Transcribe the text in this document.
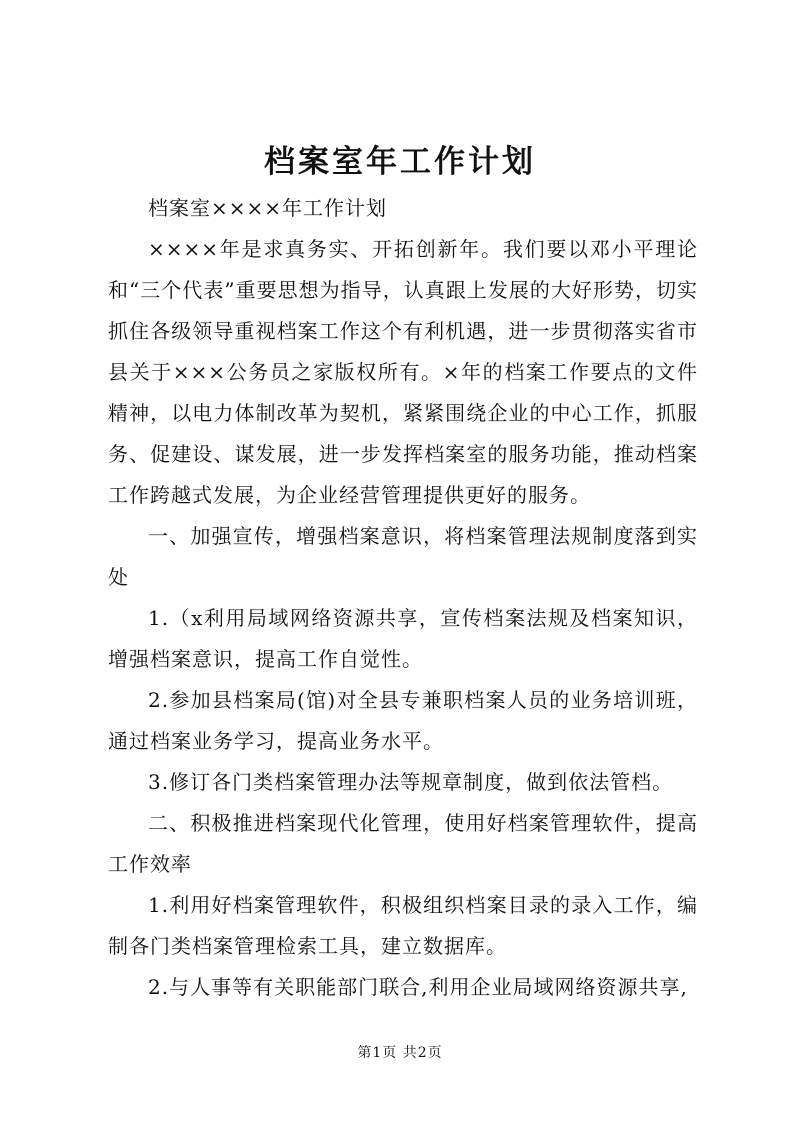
档案室年工作计划

档案室××××年工作计划

××××年是求真务实、开拓创新年。我们要以邓小平理论和“三个代表”重要思想为指导，认真跟上发展的大好形势，切实抓住各级领导重视档案工作这个有利机遇，进一步贯彻落实省市县关于×××公务员之家版权所有。×年的档案工作要点的文件精神，以电力体制改革为契机，紧紧围绕企业的中心工作，抓服务、促建设、谋发展，进一步发挥档案室的服务功能，推动档案工作跨越式发展，为企业经营管理提供更好的服务。

一、加强宣传，增强档案意识，将档案管理法规制度落到实处

1.（x利用局域网络资源共享，宣传档案法规及档案知识，增强档案意识，提高工作自觉性。

2.参加县档案局(馆)对全县专兼职档案人员的业务培训班，通过档案业务学习，提高业务水平。

3.修订各门类档案管理办法等规章制度，做到依法管档。

二、积极推进档案现代化管理，使用好档案管理软件，提高工作效率

1.利用好档案管理软件，积极组织档案目录的录入工作，编制各门类档案管理检索工具，建立数据库。

2.与人事等有关职能部门联合,利用企业局域网络资源共享,

第1页 共2页
